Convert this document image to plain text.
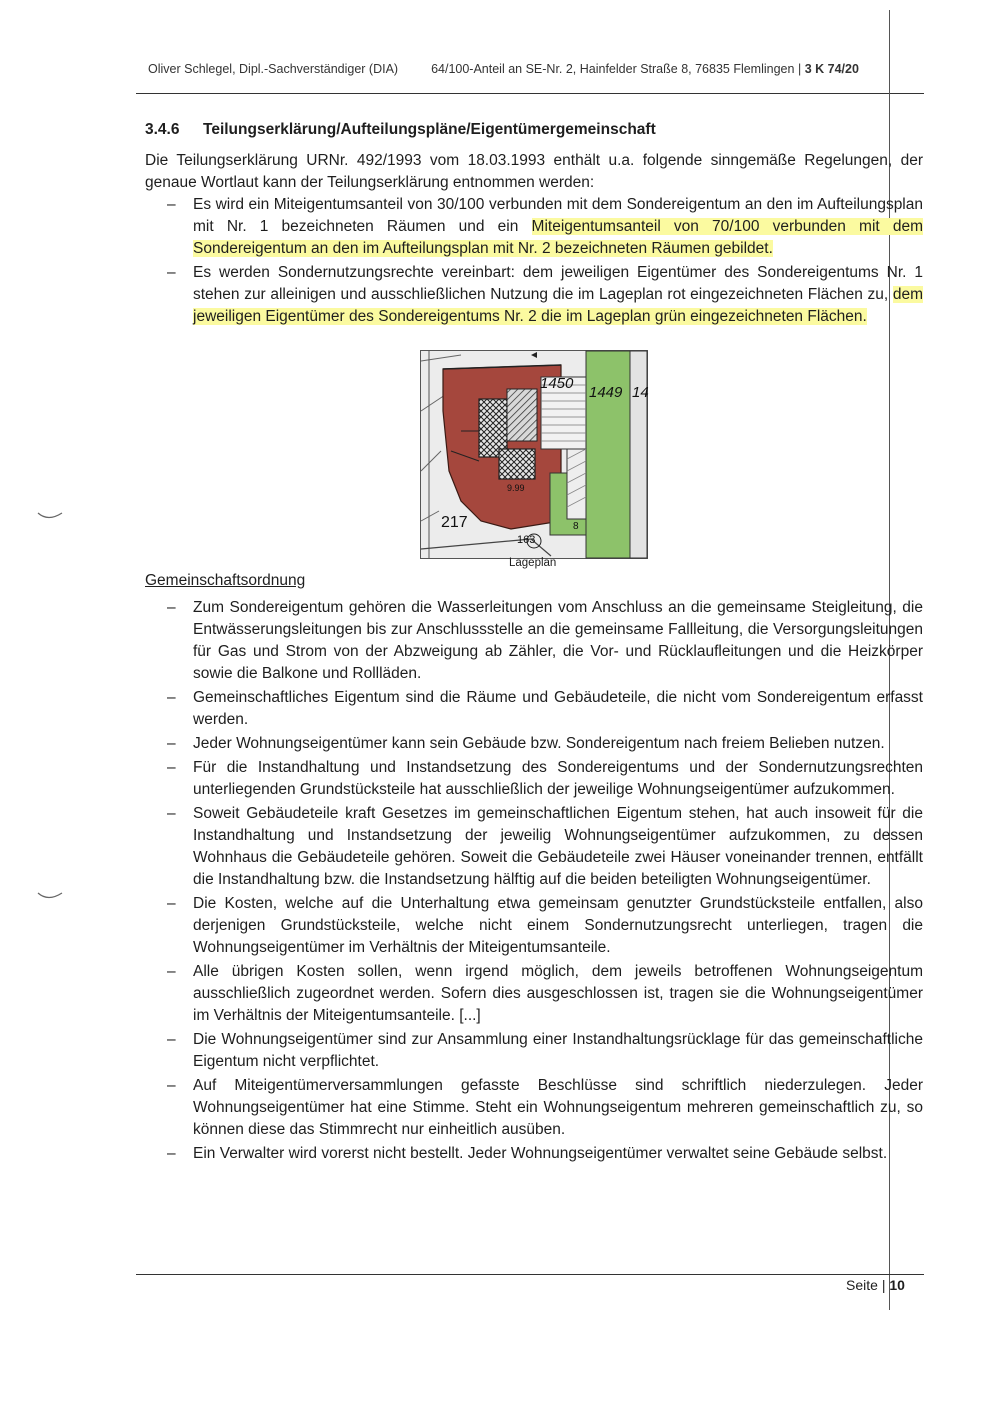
Oliver Schlegel, Dipl.-Sachverständiger (DIA)	64/100-Anteil an SE-Nr. 2, Hainfelder Straße 8, 76835 Flemlingen | 3 K 74/20
3.4.6 Teilungserklärung/Aufteilungspläne/Eigentümergemeinschaft
Die Teilungserklärung URNr. 492/1993 vom 18.03.1993 enthält u.a. folgende sinngemäße Regelungen, der genaue Wortlaut kann der Teilungserklärung entnommen werden:
– Es wird ein Miteigentumsanteil von 30/100 verbunden mit dem Sondereigentum an den im Aufteilungsplan mit Nr. 1 bezeichneten Räumen und ein Miteigentumsanteil von 70/100 verbunden mit dem Sondereigentum an den im Aufteilungsplan mit Nr. 2 bezeichneten Räumen gebildet.
– Es werden Sondernutzungsrechte vereinbart: dem jeweiligen Eigentümer des Sondereigentums Nr. 1 stehen zur alleinigen und ausschließlichen Nutzung die im Lageplan rot eingezeichneten Flächen zu, dem jeweiligen Eigentümer des Sondereigentums Nr. 2 die im Lageplan grün eingezeichneten Flächen.
1450
1449 14
217
163
9.99
8
Lageplan
Gemeinschaftsordnung
– Zum Sondereigentum gehören die Wasserleitungen vom Anschluss an die gemeinsame Steigleitung, die Entwässerungsleitungen bis zur Anschlussstelle an die gemeinsame Fallleitung, die Versorgungsleitungen für Gas und Strom von der Abzweigung ab Zähler, die Vor- und Rücklaufleitungen und die Heizkörper sowie die Balkone und Rollläden.
– Gemeinschaftliches Eigentum sind die Räume und Gebäudeteile, die nicht vom Sondereigentum erfasst werden.
– Jeder Wohnungseigentümer kann sein Gebäude bzw. Sondereigentum nach freiem Belieben nutzen.
– Für die Instandhaltung und Instandsetzung des Sondereigentums und der Sondernutzungsrechten unterliegenden Grundstücksteile hat ausschließlich der jeweilige Wohnungseigentümer aufzukommen.
– Soweit Gebäudeteile kraft Gesetzes im gemeinschaftlichen Eigentum stehen, hat auch insoweit für die Instandhaltung und Instandsetzung der jeweilig Wohnungseigentümer aufzukommen, zu dessen Wohnhaus die Gebäudeteile gehören. Soweit die Gebäudeteile zwei Häuser voneinander trennen, entfällt die Instandhaltung bzw. die Instandsetzung hälftig auf die beiden beteiligten Wohnungseigentümer.
– Die Kosten, welche auf die Unterhaltung etwa gemeinsam genutzter Grundstücksteile entfallen, also derjenigen Grundstücksteile, welche nicht einem Sondernutzungsrecht unterliegen, tragen die Wohnungseigentümer im Verhältnis der Miteigentumsanteile.
– Alle übrigen Kosten sollen, wenn irgend möglich, dem jeweils betroffenen Wohnungseigentum ausschließlich zugeordnet werden. Sofern dies ausgeschlossen ist, tragen sie die Wohnungseigentümer im Verhältnis der Miteigentumsanteile. [...]
– Die Wohnungseigentümer sind zur Ansammlung einer Instandhaltungsrücklage für das gemeinschaftliche Eigentum nicht verpflichtet.
– Auf Miteigentümerversammlungen gefasste Beschlüsse sind schriftlich niederzulegen. Jeder Wohnungseigentümer hat eine Stimme. Steht ein Wohnungseigentum mehreren gemeinschaftlich zu, so können diese das Stimmrecht nur einheitlich ausüben.
– Ein Verwalter wird vorerst nicht bestellt. Jeder Wohnungseigentümer verwaltet seine Gebäude selbst.
Seite | 10
